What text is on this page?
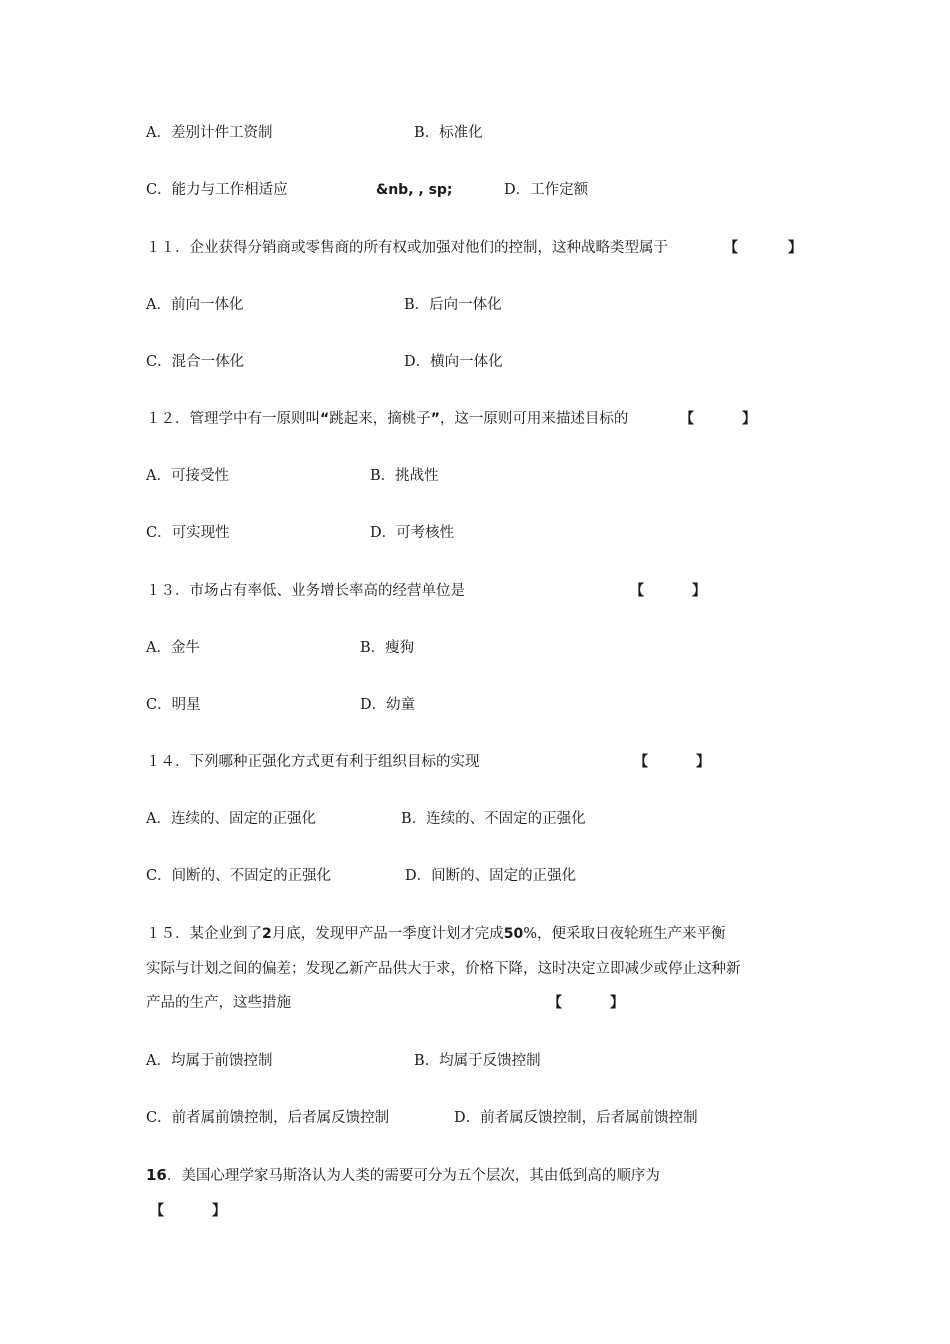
A．差别计件工资制	B．标准化
C．能力与工作相适应	&nb, , sp;	D．工作定额
１１．企业获得分销商或零售商的所有权或加强对他们的控制，这种战略类型属于	【	】
A．前向一体化	B．后向一体化
C．混合一体化	D．横向一体化
１２．管理学中有一原则叫“跳起来，摘桃子”，这一原则可用来描述目标的	【	】
A．可接受性	B．挑战性
C．可实现性	D．可考核性
１３．市场占有率低、业务增长率高的经营单位是	【	】
A．金牛	B．瘦狗
C．明星	D．幼童
１４．下列哪种正强化方式更有利于组织目标的实现	【	】
A．连续的、固定的正强化	B．连续的、不固定的正强化
C．间断的、不固定的正强化	D．间断的、固定的正强化
１５．某企业到了2月底，发现甲产品一季度计划才完成50%，便采取日夜轮班生产来平衡
实际与计划之间的偏差；发现乙新产品供大于求，价格下降，这时决定立即减少或停止这种新
产品的生产，这些措施	【	】
A．均属于前馈控制	B．均属于反馈控制
C．前者属前馈控制，后者属反馈控制	D．前者属反馈控制，后者属前馈控制
16．美国心理学家马斯洛认为人类的需要可分为五个层次，其由低到高的顺序为
【	】
